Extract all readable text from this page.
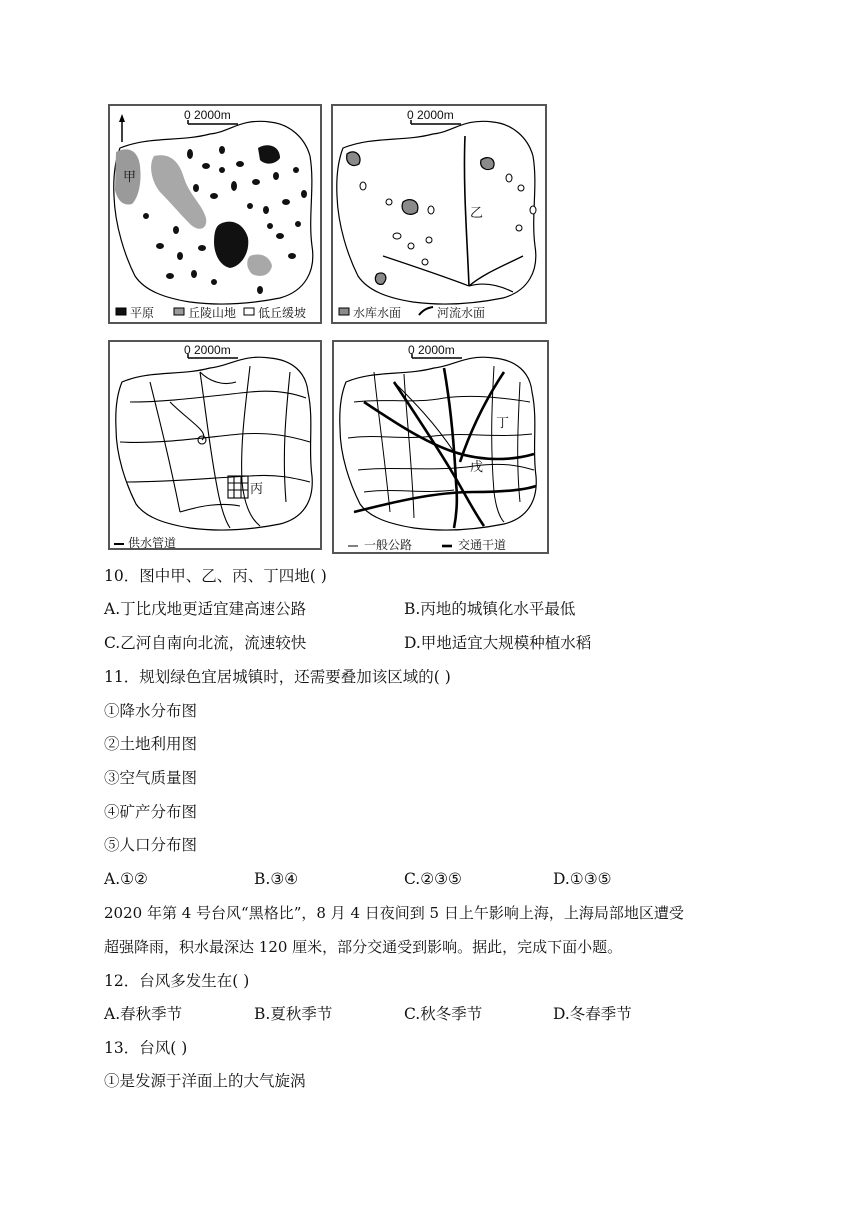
0 2000m
甲
平原	丘陵山地 低丘缓坡
0 2000m
乙
水库水面	河流水面
0 2000m
丙
供水管道
0 2000m
丁
戊
一般公路	交通干道
10．图中甲、乙、丙、丁四地( )
A.丁比戊地更适宜建高速公路	B.丙地的城镇化水平最低
C.乙河自南向北流，流速较快	D.甲地适宜大规模种植水稻
11．规划绿色宜居城镇时，还需要叠加该区域的( )
①降水分布图
②土地利用图
③空气质量图
④矿产分布图
⑤人口分布图
A.①②	B.③④	C.②③⑤	D.①③⑤
2020 年第 4 号台风“黑格比”，8 月 4 日夜间到 5 日上午影响上海，上海局部地区遭受
超强降雨，积水最深达 120 厘米，部分交通受到影响。据此，完成下面小题。
12．台风多发生在( )
A.春秋季节	B.夏秋季节	C.秋冬季节	D.冬春季节
13．台风( )
①是发源于洋面上的大气旋涡
